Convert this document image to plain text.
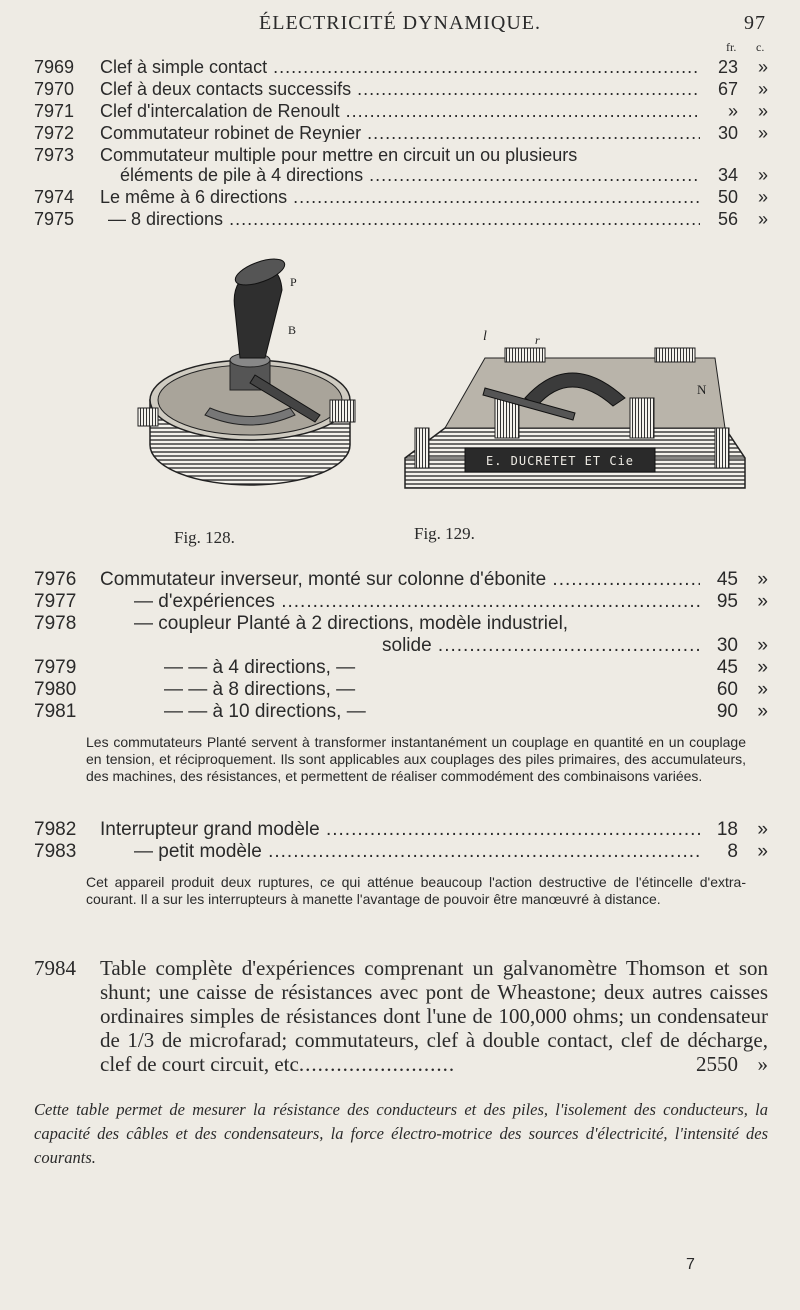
ÉLECTRICITÉ DYNAMIQUE.	97
fr. c.
7969	Clef à simple contact .....	23	»
7970	Clef à deux contacts successifs .....	67	»
7971	Clef d'intercalation de Renoult .....	»	»
7972	Commutateur robinet de Reynier .....	30	»
7973	Commutateur multiple pour mettre en circuit un ou plusieurs
éléments de pile à 4 directions .....	34	»
7974	Le même à 6 directions .....	50	»
7975	— 8 directions .....	56	»
P
B
E. DUCRETET ET Cie
l	r
N
Fig. 128.	Fig. 129.
7976	Commutateur inverseur, monté sur colonne d'ébonite .....	45	»
7977	— d'expériences .....	95	»
7978	— coupleur Planté à 2 directions, modèle industriel,
solide .....	30	»
7979	— — à 4 directions, —	45	»
7980	— — à 8 directions, —	60	»
7981	— — à 10 directions, —	90	»
Les commutateurs Planté servent à transformer instantanément un couplage en quantité en un couplage en tension, et réciproquement. Ils sont applicables aux couplages des piles primaires, des accumulateurs, des machines, des résistances, et permettent de réaliser commodément des combinaisons variées.
7982	Interrupteur grand modèle .....	18	»
7983	— petit modèle .....	8	»
Cet appareil produit deux ruptures, ce qui atténue beaucoup l'action destructive de l'étincelle d'extra-courant. Il a sur les interrupteurs à manette l'avantage de pouvoir être manœuvré à distance.
7984 Table complète d'expériences comprenant un galvanomètre Thomson et son shunt; une caisse de résistances avec pont de Wheastone; deux autres caisses ordinaires simples de résistances dont l'une de 100,000 ohms; un condensateur de 1/3 de microfarad; commutateurs, clef à double contact, clef de décharge, clef de court circuit, etc.........................	2550 »
Cette table permet de mesurer la résistance des conducteurs et des piles, l'isolement des conducteurs, la capacité des câbles et des condensateurs, la force électro-motrice des sources d'électricité, l'intensité des courants.
7
